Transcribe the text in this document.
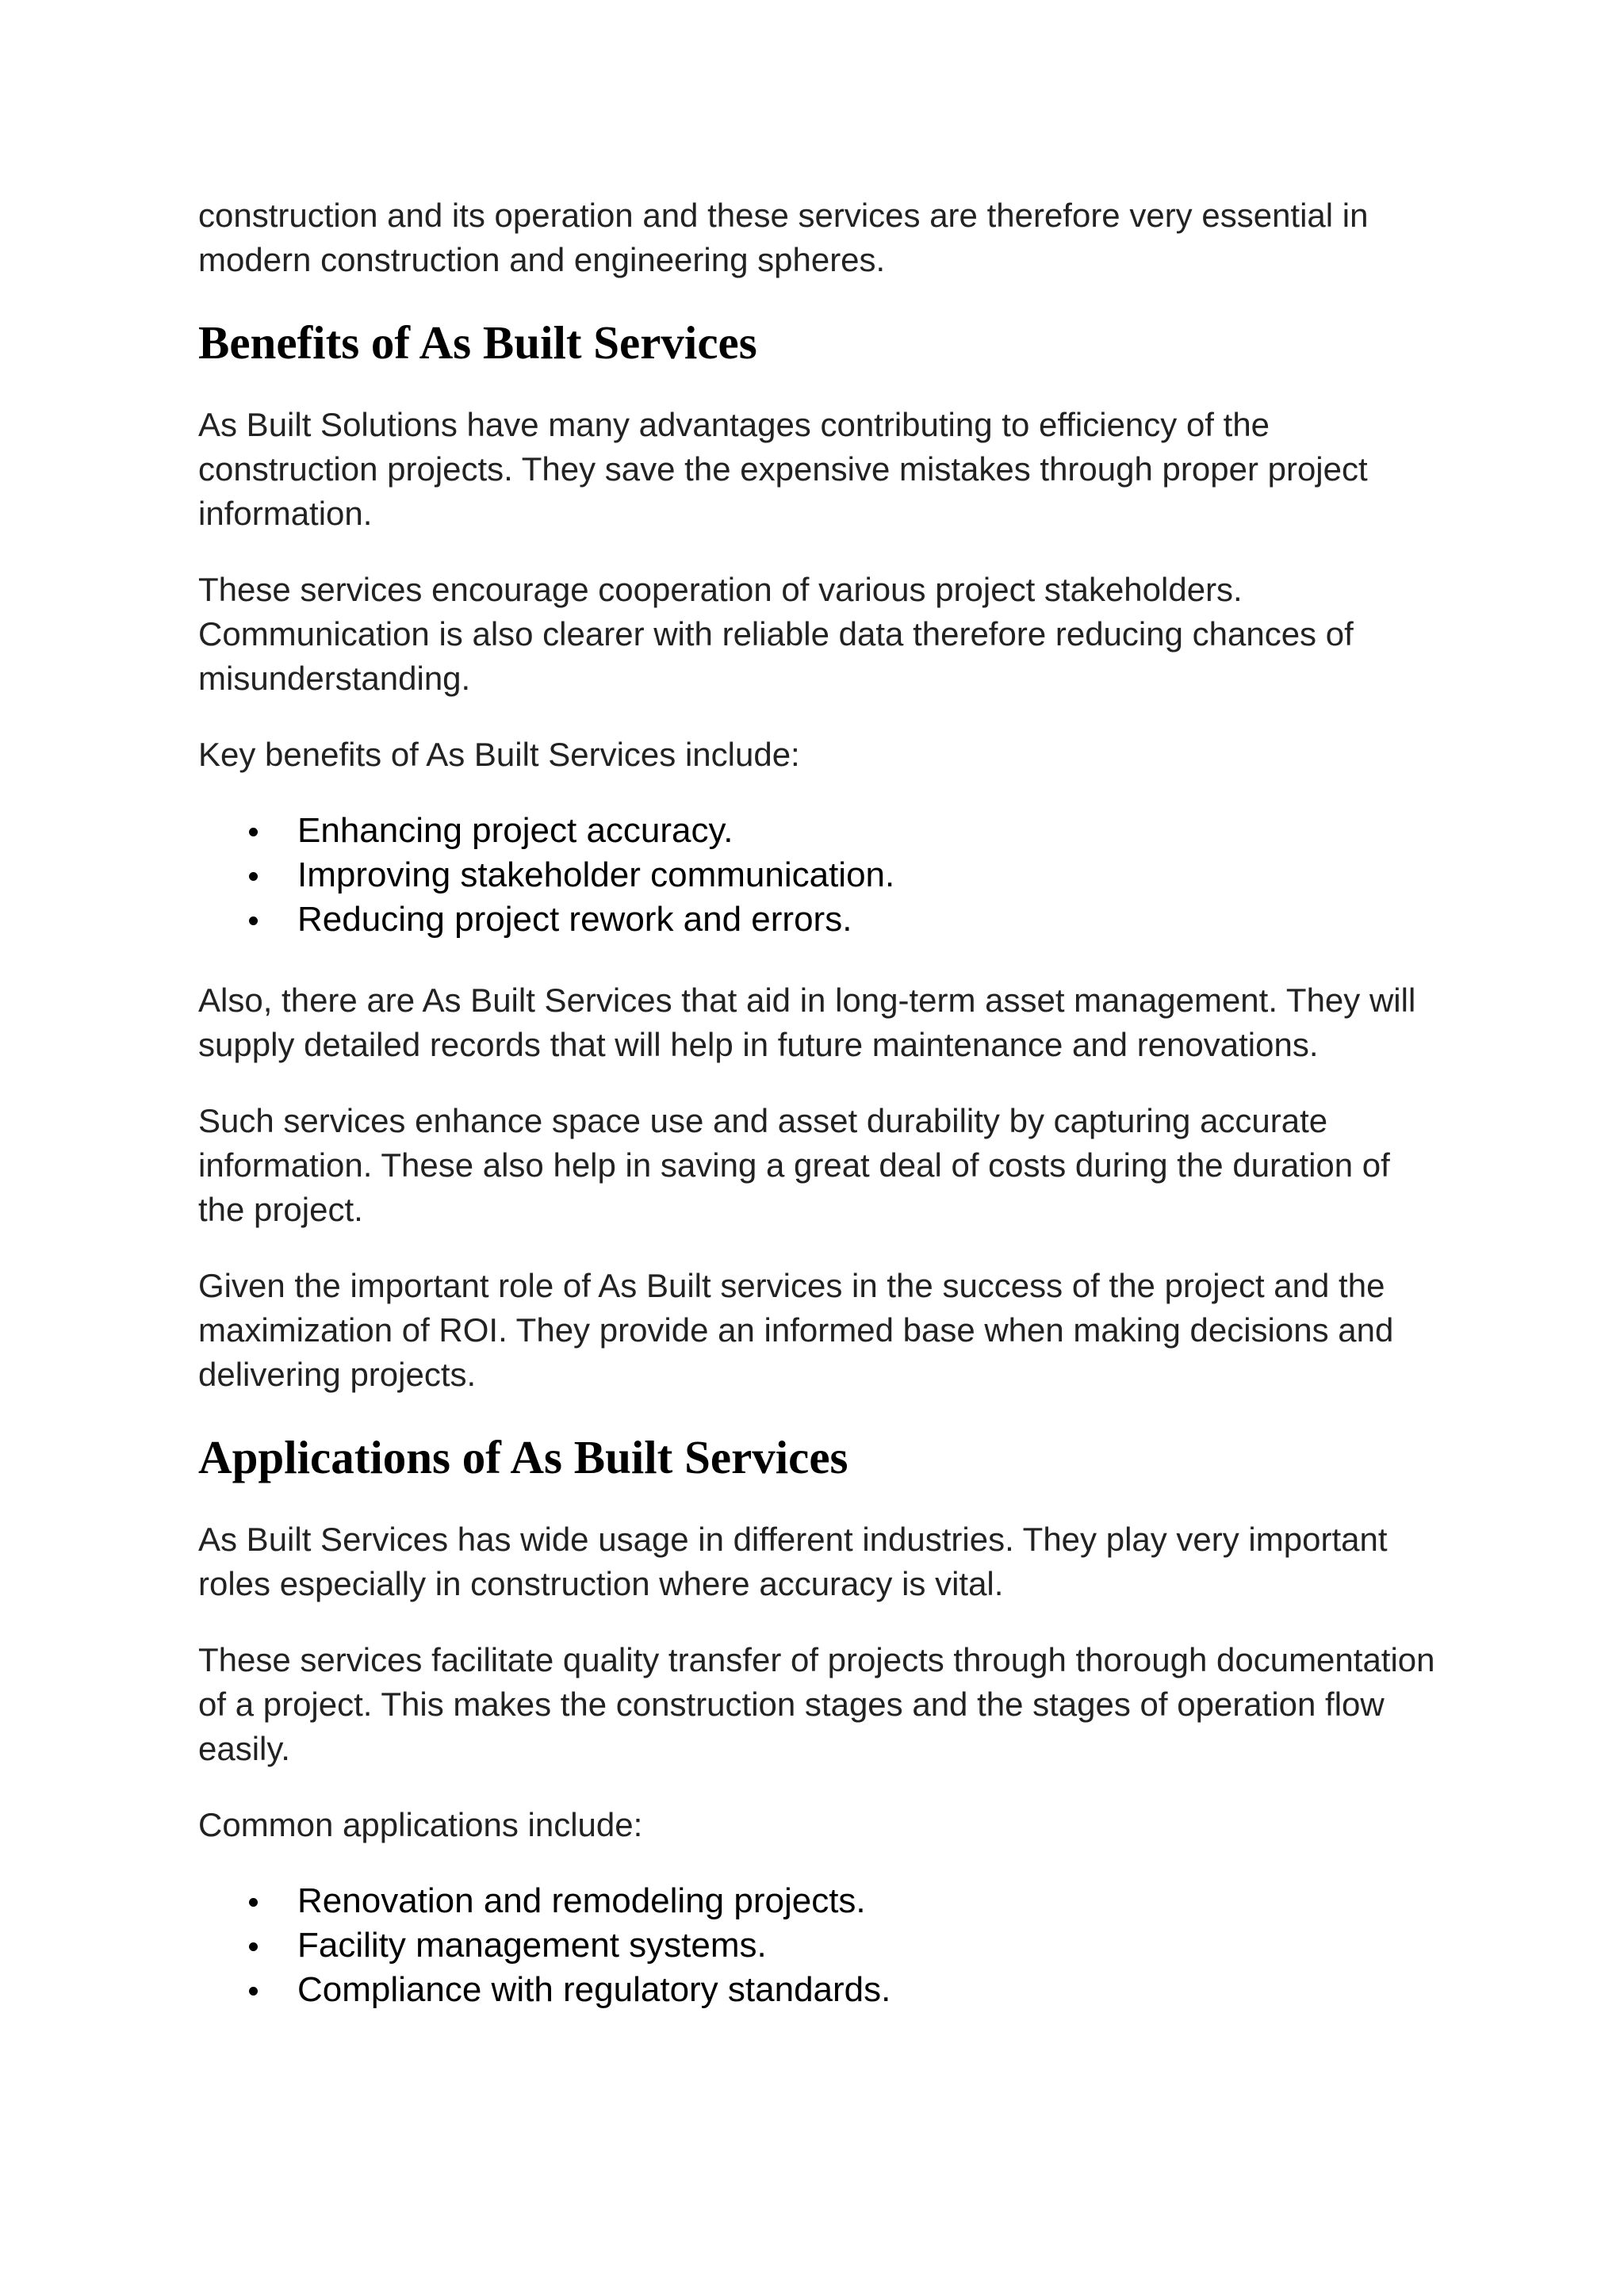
construction and its operation and these services are therefore very essential in modern construction and engineering spheres.

Benefits of As Built Services

As Built Solutions have many advantages contributing to efficiency of the construction projects. They save the expensive mistakes through proper project information.

These services encourage cooperation of various project stakeholders. Communication is also clearer with reliable data therefore reducing chances of misunderstanding.

Key benefits of As Built Services include:

Enhancing project accuracy.
Improving stakeholder communication.
Reducing project rework and errors.

Also, there are As Built Services that aid in long-term asset management. They will supply detailed records that will help in future maintenance and renovations.

Such services enhance space use and asset durability by capturing accurate information. These also help in saving a great deal of costs during the duration of the project.

Given the important role of As Built services in the success of the project and the maximization of ROI. They provide an informed base when making decisions and delivering projects.

Applications of As Built Services

As Built Services has wide usage in different industries. They play very important roles especially in construction where accuracy is vital.

These services facilitate quality transfer of projects through thorough documentation of a project. This makes the construction stages and the stages of operation flow easily.

Common applications include:

Renovation and remodeling projects.
Facility management systems.
Compliance with regulatory standards.
